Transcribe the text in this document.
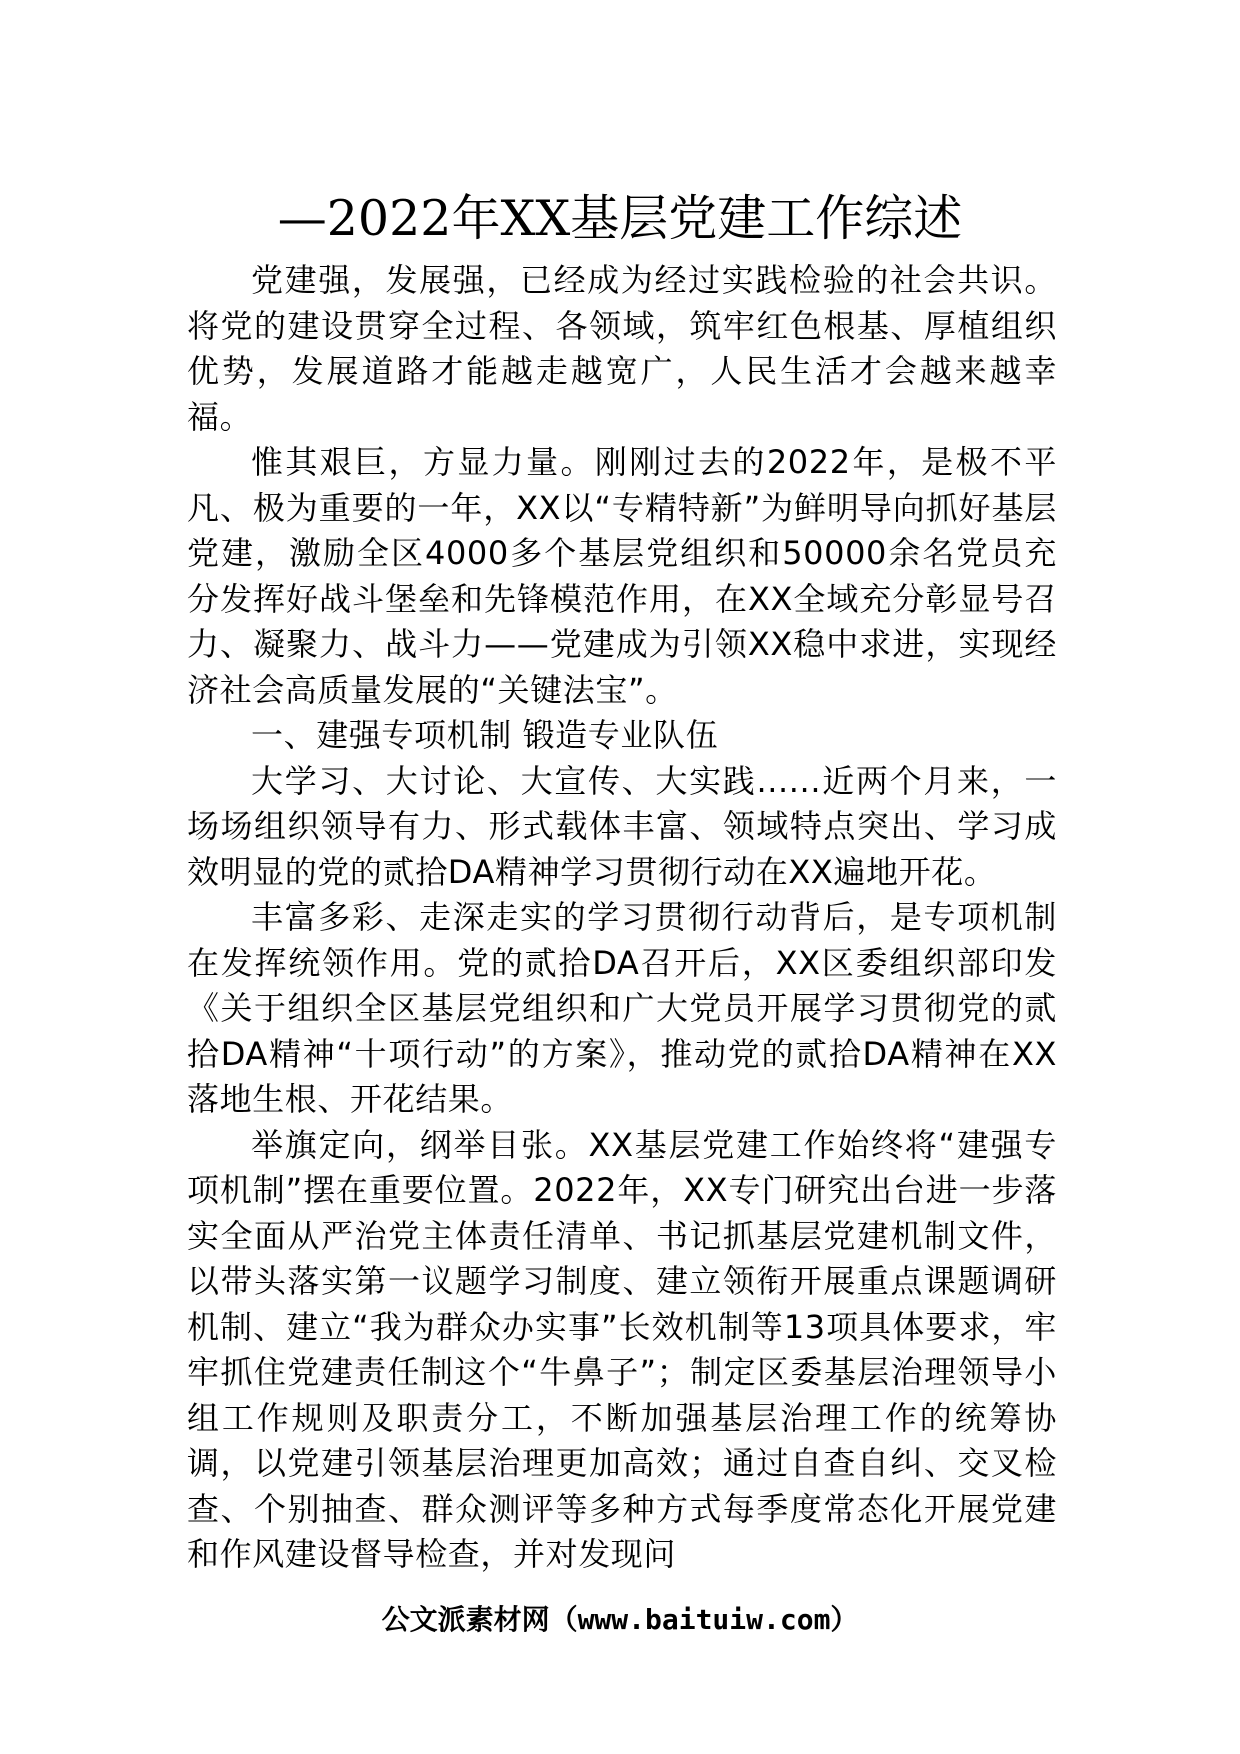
—2022年XX基层党建工作综述

党建强，发展强，已经成为经过实践检验的社会共识。将党的建设贯穿全过程、各领域，筑牢红色根基、厚植组织优势，发展道路才能越走越宽广，人民生活才会越来越幸福。

惟其艰巨，方显力量。刚刚过去的2022年，是极不平凡、极为重要的一年，XX以“专精特新”为鲜明导向抓好基层党建，激励全区4000多个基层党组织和50000余名党员充分发挥好战斗堡垒和先锋模范作用，在XX全域充分彰显号召力、凝聚力、战斗力——党建成为引领XX稳中求进，实现经济社会高质量发展的“关键法宝”。

一、建强专项机制 锻造专业队伍

大学习、大讨论、大宣传、大实践......近两个月来，一场场组织领导有力、形式载体丰富、领域特点突出、学习成效明显的党的贰拾DA精神学习贯彻行动在XX遍地开花。

丰富多彩、走深走实的学习贯彻行动背后，是专项机制在发挥统领作用。党的贰拾DA召开后，XX区委组织部印发《关于组织全区基层党组织和广大党员开展学习贯彻党的贰拾DA精神“十项行动”的方案》，推动党的贰拾DA精神在XX落地生根、开花结果。

举旗定向，纲举目张。XX基层党建工作始终将“建强专项机制”摆在重要位置。2022年，XX专门研究出台进一步落实全面从严治党主体责任清单、书记抓基层党建机制文件，以带头落实第一议题学习制度、建立领衔开展重点课题调研机制、建立“我为群众办实事”长效机制等13项具体要求，牢牢抓住党建责任制这个“牛鼻子”；制定区委基层治理领导小组工作规则及职责分工，不断加强基层治理工作的统筹协调，以党建引领基层治理更加高效；通过自查自纠、交叉检查、个别抽查、群众测评等多种方式每季度常态化开展党建和作风建设督导检查，并对发现问

公文派素材网（www.baituiw.com）
